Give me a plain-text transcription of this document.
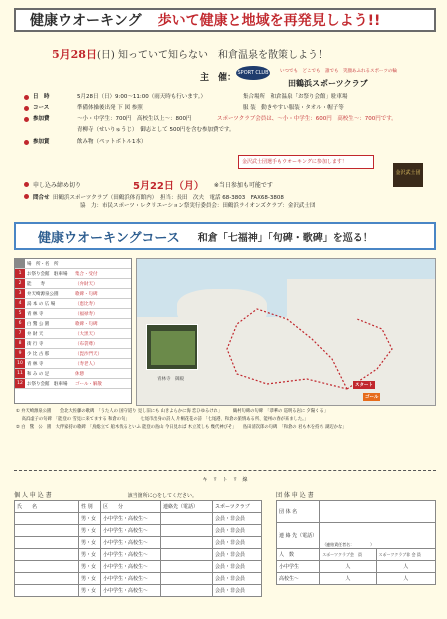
健康ウオーキング 歩いて健康と地域を再発見しよう!!
5月28日(日) 知っていて知らない　和倉温泉を散策しよう！
主　催： SPORT CLUB	いつでも　どこでも　誰でも　笑顔あふれるスポーツの輪
田鶴浜スポーツクラブ
日　時	5月28日（日）9:00〜11:00（雨天時も行います。）	集合場所　和倉温泉「お祭り会館」駐車場
コース	準備体操後出発 下 図 参照	服 装　動きやすい服装・タオル・帽子等
参加費	〜小・中学生：700円　高校生以上〜：800円	スポーツクラブ会員は、〜小・中学生：600円　高校生〜：700円です。
青柳寺（せいりゅうじ）　御志として 500円を含む参加費です。
参加賞	飲み物（ペットボトル1本）
金沢武士団選手もウオーキングに参加します！
金沢武士団
申し込み締め切り	5月22日（月） ※当日参加も可能です
問合せ 田鶴浜スポーツクラブ（田鶴浜体育館内）　担当：長田　次夫　電話 68-3803　FAX68-3808
協　力：市民スポーツ・レクリエーション祭実行委員会：田鶴浜ライオンズクラブ：金沢武士団
健康ウオーキングコース 和倉「七福神」「句碑・歌碑」を巡る！
場　所・名　所
1	お祭り会館　駐車場	集合・受付
2	能　　寿	（弁財天）
3	弁天崎源泉公園	歌碑・句碑
4	湯 本 の 広 場	（恵比寿）
5	青 林 寺	（福禄寿）
6	白 鷺 公 園	歌碑・句碑
7	弁 財 天	（大黒天）
8	街 行 寺	（布袋尊）
9	少 比 古 那	（毘沙門天）
10 青 林 寺	（寿老人）
11 和 み の 足	休憩
12 お祭り会館　駐車場	ゴール・解散
青林寺　御殿
スタート
ゴール
① 弁天崎源泉公園　　会北大佐藤の歌碑　「うた人の 国守道り 見し旧にも 山きよらかに海 恋ひゆるけれ」　　　鶴村句碑の句碑　「恭華の 巡明る岩に 夕陽くる」
　 高浜虚子の句碑　「能登の 雪見に来てまする 和倉の句」　　　七尾市出身の詩人 片桐花花の詩 「七尾港、和倉の旅情ある所、能州の春が来ました。」
② 白　鷺　公　園　大伴家持の歌碑　「鳥総立て 船木伐るといふ 能登の島山 今日見れば 木立茂しも 幾代神びそ」　　島田清次郎の句碑　「和倉の 君も木を持ち 湖辺かな」
$^{キ リ ト リ 線}$
個 人 申 込 書	該当箇所に○をしてください。
氏　　名	性 別	区　　分	連絡先（電話）	スポーツクラブ
	男・女	小中学生・高校生〜		会員・非会員
	男・女	小中学生・高校生〜		会員・非会員
	男・女	小中学生・高校生〜		会員・非会員
	男・女	小中学生・高校生〜		会員・非会員
	男・女	小中学生・高校生〜		会員・非会員
	男・女	小中学生・高校生〜		会員・非会員
	男・女	小中学生・高校生〜		会員・非会員
団 体 申 込 書
団 体 名		
連 絡 先（電話）	（連絡責任者名：　　　　）	
人　数	スポーツクラブ会　員	スポーツクラブ非 会 員
小中学生	人	人
高校生〜	人	人
